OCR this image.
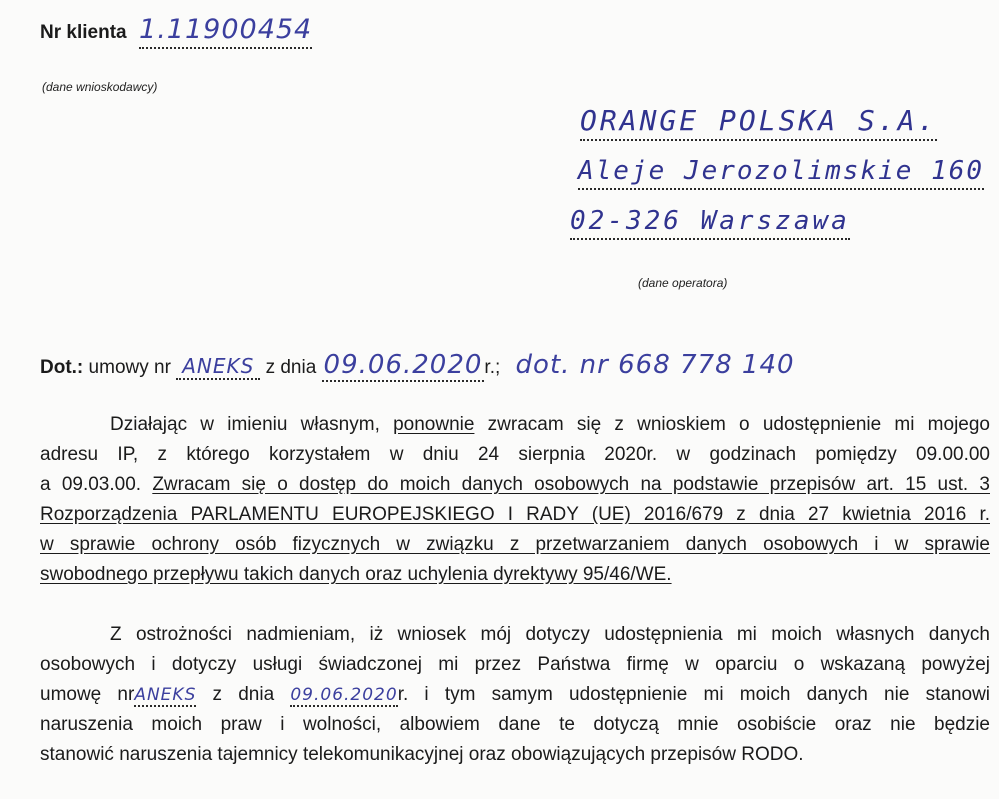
Nr klienta 1.11900454
(dane wnioskodawcy)
ORANGE POLSKA S.A.
Aleje Jerozolimskie 160
02-326 Warszawa
(dane operatora)
Dot.: umowy nr ANEKS z dnia 09.06.2020 r.; dot. nr 668 778 140
Działając w imieniu własnym, ponownie zwracam się z wnioskiem o udostępnienie mi mojego
adresu IP, z którego korzystałem w dniu 24 sierpnia 2020r. w godzinach pomiędzy 09.00.00
a 09.03.00. Zwracam się o dostęp do moich danych osobowych na podstawie przepisów art. 15 ust. 3
Rozporządzenia PARLAMENTU EUROPEJSKIEGO I RADY (UE) 2016/679 z dnia 27 kwietnia 2016 r.
w sprawie ochrony osób fizycznych w związku z przetwarzaniem danych osobowych i w sprawie
swobodnego przepływu takich danych oraz uchylenia dyrektywy 95/46/WE.
Z ostrożności nadmieniam, iż wniosek mój dotyczy udostępnienia mi moich własnych danych
osobowych i dotyczy usługi świadczonej mi przez Państwa firmę w oparciu o wskazaną powyżej
umowę nrANEKS z dnia 09.06.2020r. i tym samym udostępnienie mi moich danych nie stanowi
naruszenia moich praw i wolności, albowiem dane te dotyczą mnie osobiście oraz nie będzie
stanowić naruszenia tajemnicy telekomunikacyjnej oraz obowiązujących przepisów RODO.
